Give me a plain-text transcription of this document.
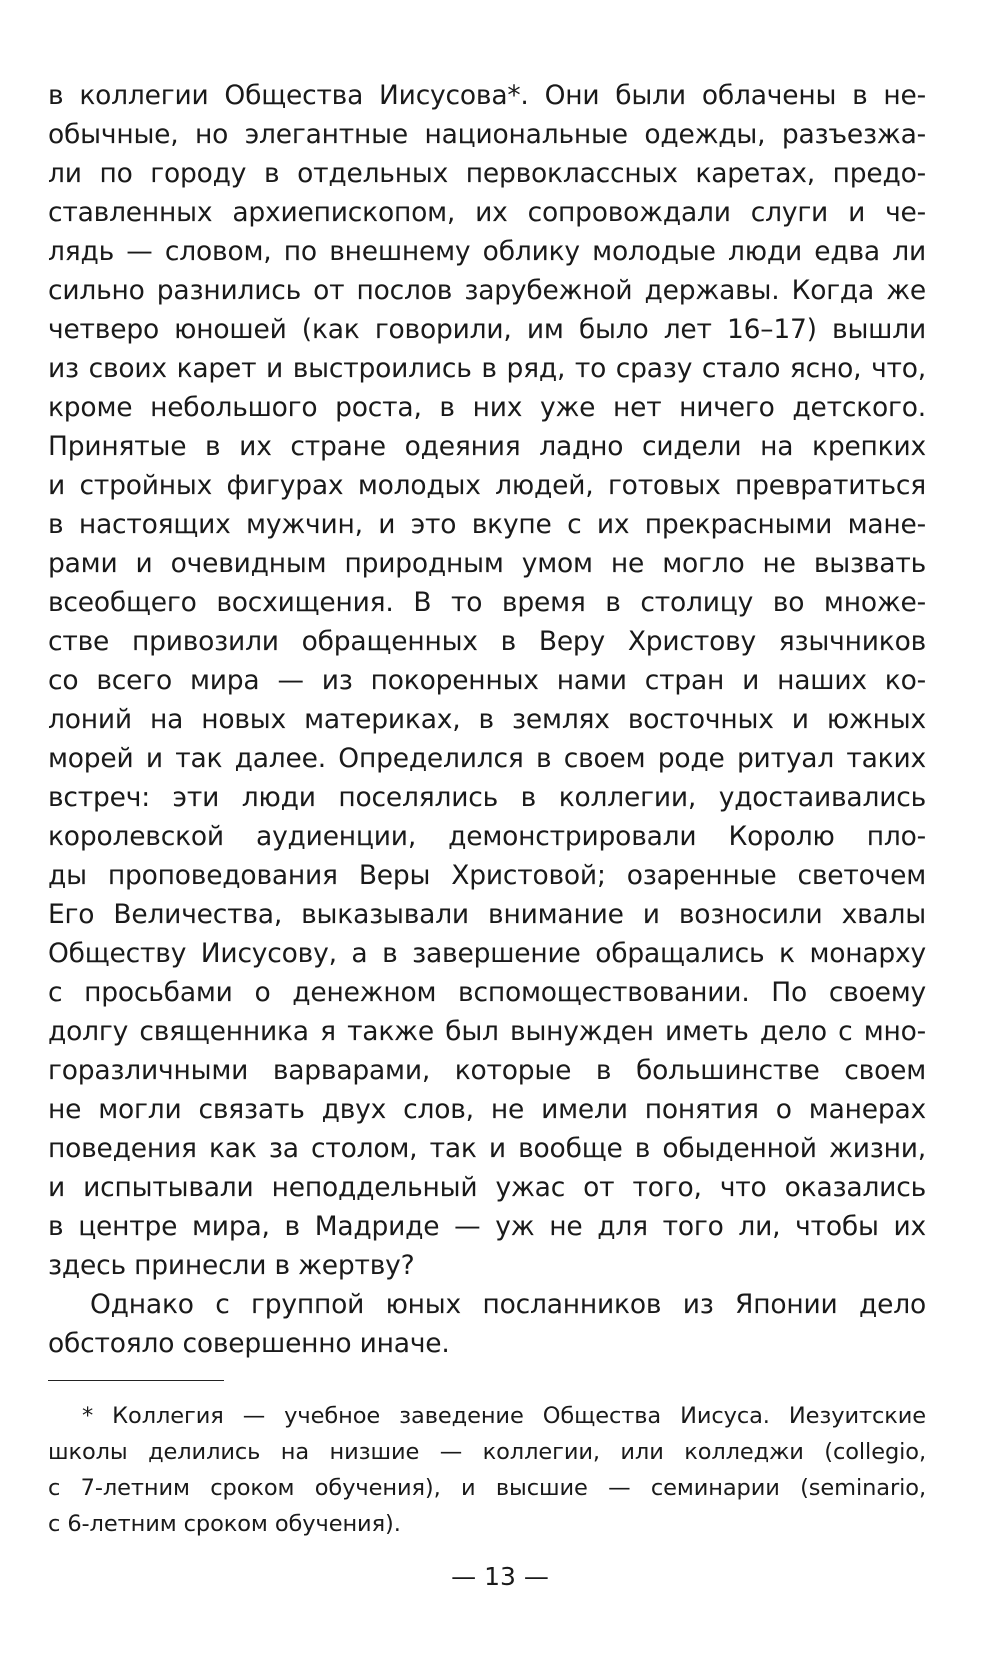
в коллегии Общества Иисусова*. Они были облачены в не-
обычные, но элегантные национальные одежды, разъезжа-
ли по городу в отдельных первоклассных каретах, предо-
ставленных архиепископом, их сопровождали слуги и че-
лядь — словом, по внешнему облику молодые люди едва ли
сильно разнились от послов зарубежной державы. Когда же
четверо юношей (как говорили, им было лет 16–17) вышли
из своих карет и выстроились в ряд, то сразу стало ясно, что,
кроме небольшого роста, в них уже нет ничего детского.
Принятые в их стране одеяния ладно сидели на крепких
и стройных фигурах молодых людей, готовых превратиться
в настоящих мужчин, и это вкупе с их прекрасными мане-
рами и очевидным природным умом не могло не вызвать
всеобщего восхищения. В то время в столицу во множе-
стве привозили обращенных в Веру Христову язычников
со всего мира — из покоренных нами стран и наших ко-
лоний на новых материках, в землях восточных и южных
морей и так далее. Определился в своем роде ритуал таких
встреч: эти люди поселялись в коллегии, удостаивались
королевской аудиенции, демонстрировали Королю пло-
ды проповедования Веры Христовой; озаренные светочем
Его Величества, выказывали внимание и возносили хвалы
Обществу Иисусову, а в завершение обращались к монарху
с просьбами о денежном вспомоществовании. По своему
долгу священника я также был вынужден иметь дело с мно-
горазличными варварами, которые в большинстве своем
не могли связать двух слов, не имели понятия о манерах
поведения как за столом, так и вообще в обыденной жизни,
и испытывали неподдельный ужас от того, что оказались
в центре мира, в Мадриде — уж не для того ли, чтобы их
здесь принесли в жертву?
Однако с группой юных посланников из Японии дело
обстояло совершенно иначе.
* Коллегия — учебное заведение Общества Иисуса. Иезуитские
школы делились на низшие — коллегии, или колледжи (collegio,
с 7-летним сроком обучения), и высшие — семинарии (seminario,
с 6-летним сроком обучения).
— 13 —
